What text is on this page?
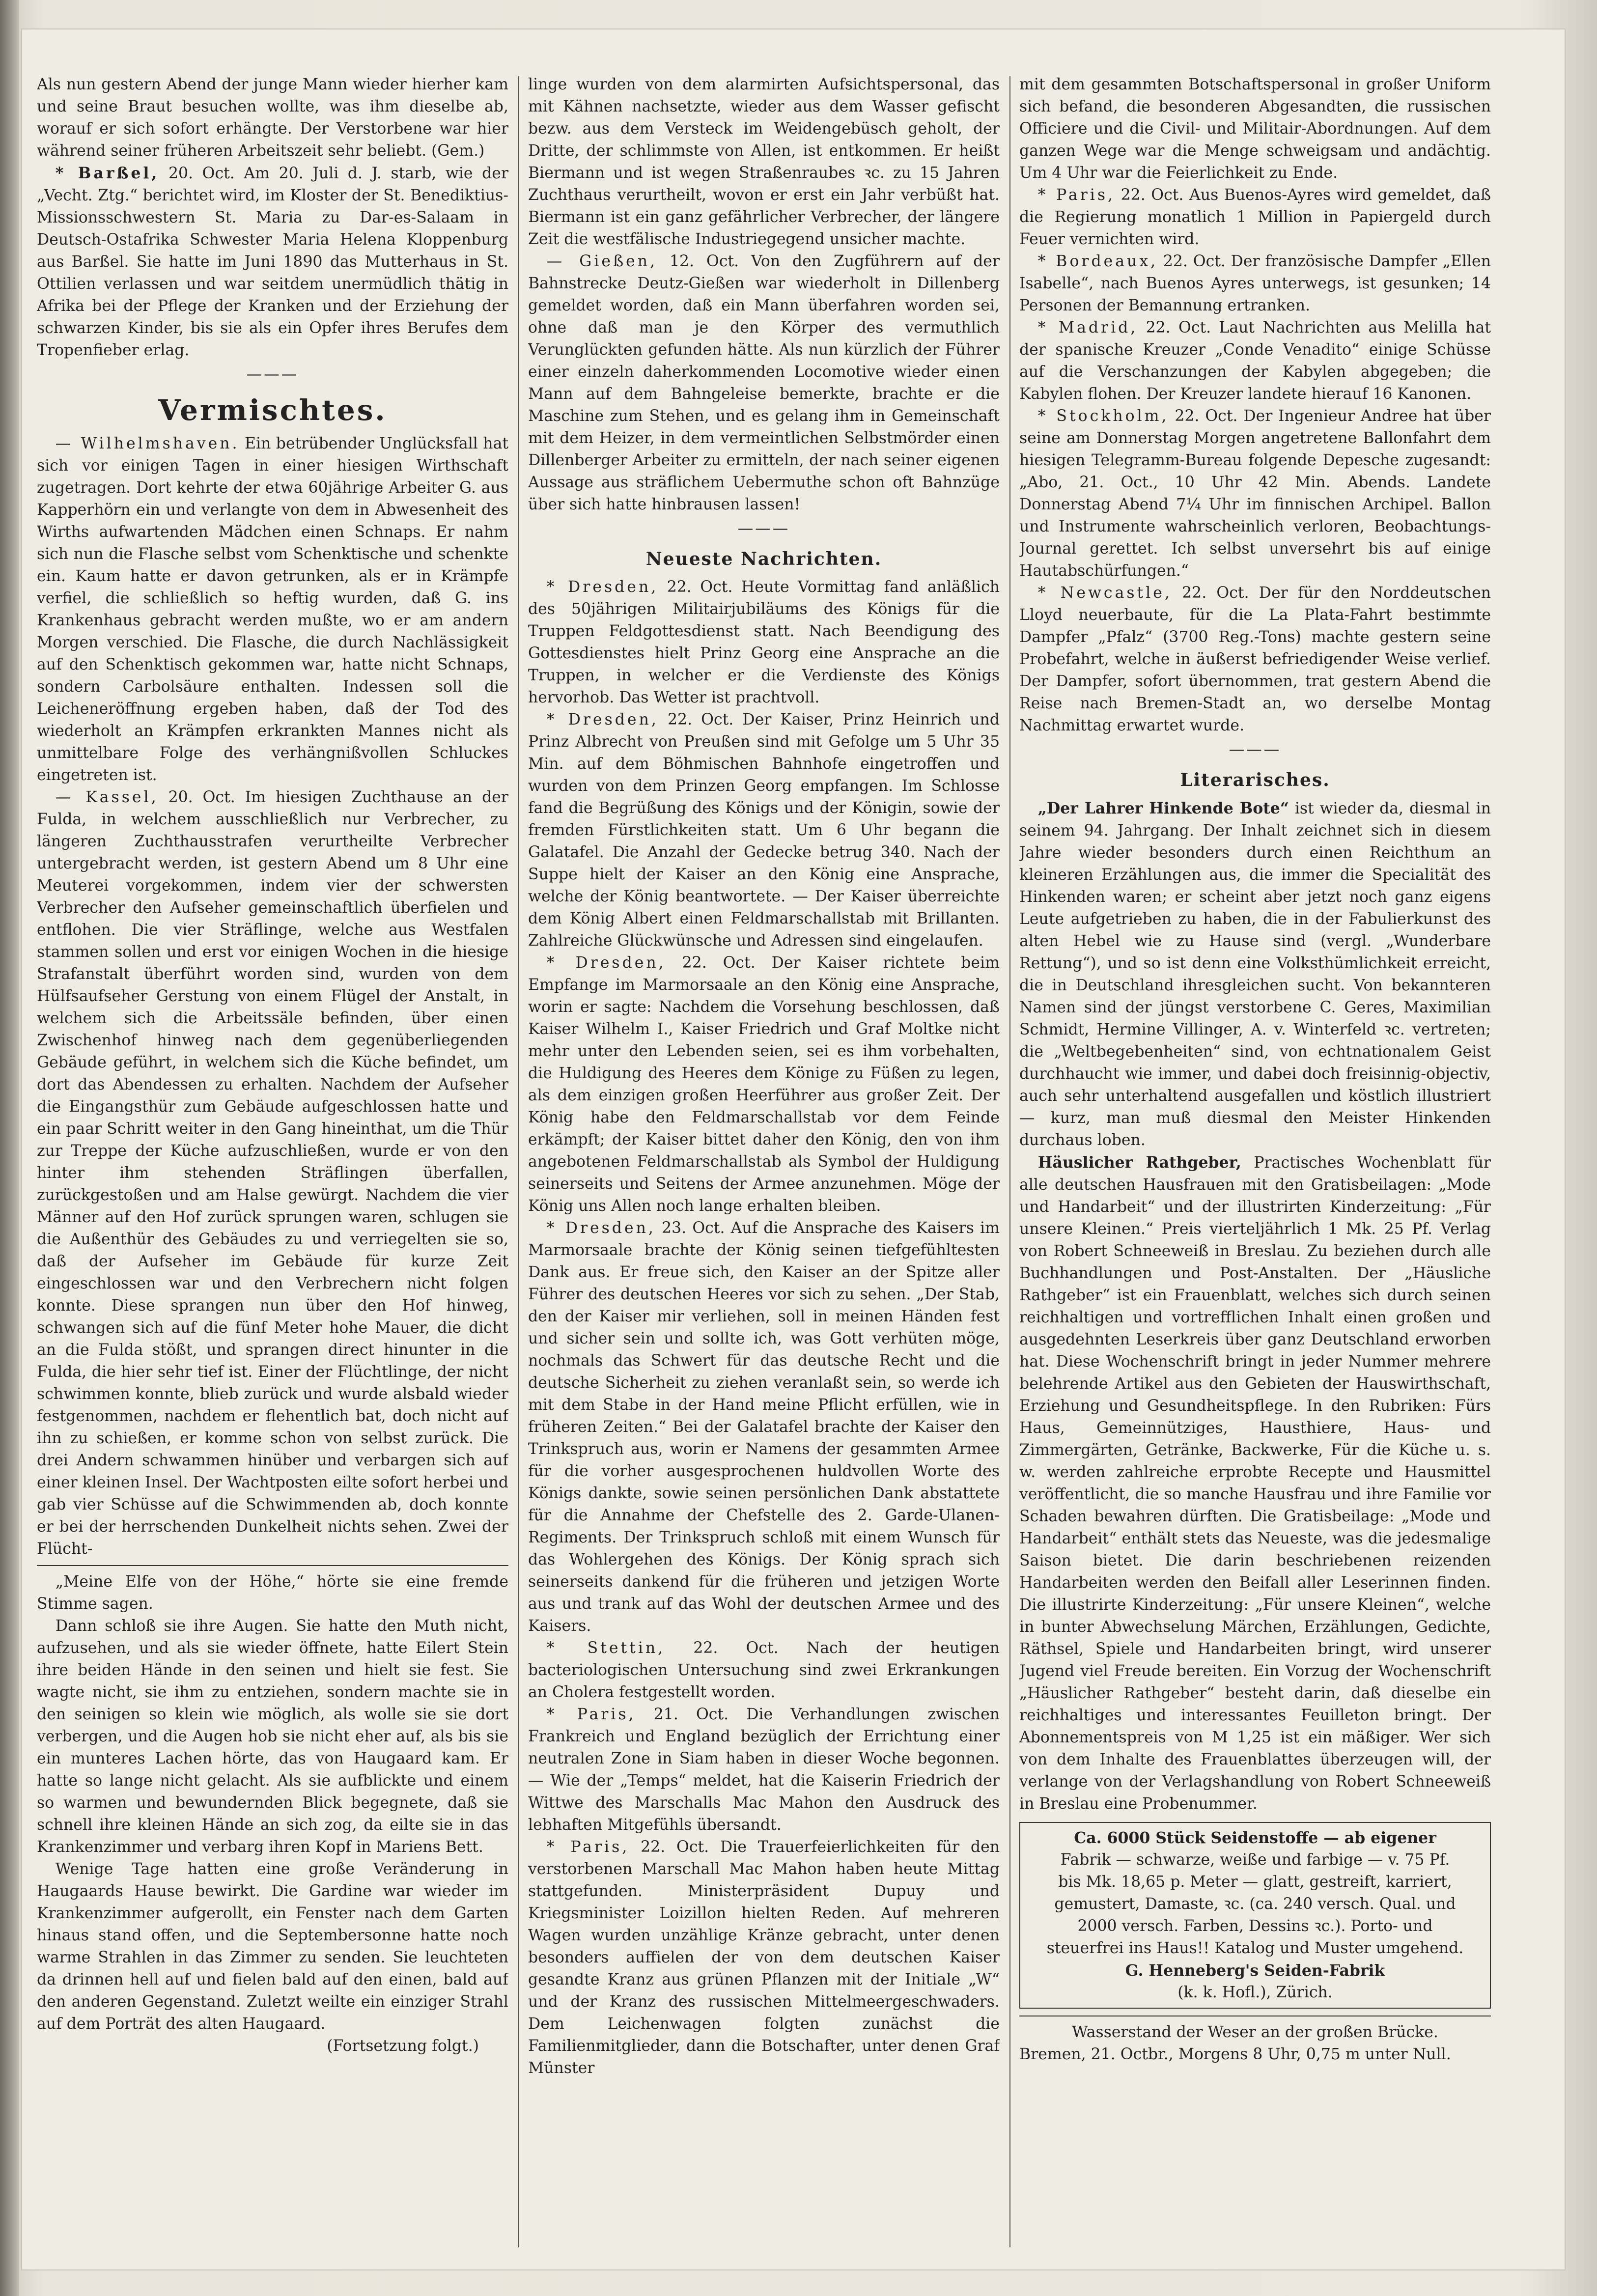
Als nun gestern Abend der junge Mann wieder hierher kam und seine Braut besuchen wollte, was ihm dieselbe ab, worauf er sich sofort erhängte. Der Verstorbene war hier während seiner früheren Arbeitszeit sehr beliebt. (Gem.)

* Barßel, 20. Oct. Am 20. Juli d. J. starb, wie der „Vecht. Ztg.“ berichtet wird, im Kloster der St. Benediktius-Missionsschwestern St. Maria zu Dar-es-Salaam in Deutsch-Ostafrika Schwester Maria Helena Kloppenburg aus Barßel. Sie hatte im Juni 1890 das Mutterhaus in St. Ottilien verlassen und war seitdem unermüdlich thätig in Afrika bei der Pflege der Kranken und der Erziehung der schwarzen Kinder, bis sie als ein Opfer ihres Berufes dem Tropenfieber erlag.

———

Vermischtes.

— Wilhelmshaven. Ein betrübender Unglücksfall hat sich vor einigen Tagen in einer hiesigen Wirthschaft zugetragen. Dort kehrte der etwa 60jährige Arbeiter G. aus Kapperhörn ein und verlangte von dem in Abwesenheit des Wirths aufwartenden Mädchen einen Schnaps. Er nahm sich nun die Flasche selbst vom Schenktische und schenkte ein. Kaum hatte er davon getrunken, als er in Krämpfe verfiel, die schließlich so heftig wurden, daß G. ins Krankenhaus gebracht werden mußte, wo er am andern Morgen verschied. Die Flasche, die durch Nachlässigkeit auf den Schenktisch gekommen war, hatte nicht Schnaps, sondern Carbolsäure enthalten. Indessen soll die Leicheneröffnung ergeben haben, daß der Tod des wiederholt an Krämpfen erkrankten Mannes nicht als unmittelbare Folge des verhängnißvollen Schluckes eingetreten ist.

— Kassel, 20. Oct. Im hiesigen Zuchthause an der Fulda, in welchem ausschließlich nur Verbrecher, zu längeren Zuchthausstrafen verurtheilte Verbrecher untergebracht werden, ist gestern Abend um 8 Uhr eine Meuterei vorgekommen, indem vier der schwersten Verbrecher den Aufseher gemeinschaftlich überfielen und entflohen. Die vier Sträflinge, welche aus Westfalen stammen sollen und erst vor einigen Wochen in die hiesige Strafanstalt überführt worden sind, wurden von dem Hülfsaufseher Gerstung von einem Flügel der Anstalt, in welchem sich die Arbeitssäle befinden, über einen Zwischenhof hinweg nach dem gegenüberliegenden Gebäude geführt, in welchem sich die Küche befindet, um dort das Abendessen zu erhalten. Nachdem der Aufseher die Eingangsthür zum Gebäude aufgeschlossen hatte und ein paar Schritt weiter in den Gang hineinthat, um die Thür zur Treppe der Küche aufzuschließen, wurde er von den hinter ihm stehenden Sträflingen überfallen, zurückgestoßen und am Halse gewürgt. Nachdem die vier Männer auf den Hof zurück sprungen waren, schlugen sie die Außenthür des Gebäudes zu und verriegelten sie so, daß der Aufseher im Gebäude für kurze Zeit eingeschlossen war und den Verbrechern nicht folgen konnte. Diese sprangen nun über den Hof hinweg, schwangen sich auf die fünf Meter hohe Mauer, die dicht an die Fulda stößt, und sprangen direct hinunter in die Fulda, die hier sehr tief ist. Einer der Flüchtlinge, der nicht schwimmen konnte, blieb zurück und wurde alsbald wieder festgenommen, nachdem er flehentlich bat, doch nicht auf ihn zu schießen, er komme schon von selbst zurück. Die drei Andern schwammen hinüber und verbargen sich auf einer kleinen Insel. Der Wachtposten eilte sofort herbei und gab vier Schüsse auf die Schwimmenden ab, doch konnte er bei der herrschenden Dunkelheit nichts sehen. Zwei der Flücht-

„Meine Elfe von der Höhe,“ hörte sie eine fremde Stimme sagen.

Dann schloß sie ihre Augen. Sie hatte den Muth nicht, aufzusehen, und als sie wieder öffnete, hatte Eilert Stein ihre beiden Hände in den seinen und hielt sie fest. Sie wagte nicht, sie ihm zu entziehen, sondern machte sie in den seinigen so klein wie möglich, als wolle sie sie dort verbergen, und die Augen hob sie nicht eher auf, als bis sie ein munteres Lachen hörte, das von Haugaard kam. Er hatte so lange nicht gelacht. Als sie aufblickte und einem so warmen und bewundernden Blick begegnete, daß sie schnell ihre kleinen Hände an sich zog, da eilte sie in das Krankenzimmer und verbarg ihren Kopf in Mariens Bett.

Wenige Tage hatten eine große Veränderung in Haugaards Hause bewirkt. Die Gardine war wieder im Krankenzimmer aufgerollt, ein Fenster nach dem Garten hinaus stand offen, und die Septembersonne hatte noch warme Strahlen in das Zimmer zu senden. Sie leuchteten da drinnen hell auf und fielen bald auf den einen, bald auf den anderen Gegenstand. Zuletzt weilte ein einziger Strahl auf dem Porträt des alten Haugaard.

(Fortsetzung folgt.)

linge wurden von dem alarmirten Aufsichtspersonal, das mit Kähnen nachsetzte, wieder aus dem Wasser gefischt bezw. aus dem Versteck im Weidengebüsch geholt, der Dritte, der schlimmste von Allen, ist entkommen. Er heißt Biermann und ist wegen Straßenraubes ꝛc. zu 15 Jahren Zuchthaus verurtheilt, wovon er erst ein Jahr verbüßt hat. Biermann ist ein ganz gefährlicher Verbrecher, der längere Zeit die westfälische Industriegegend unsicher machte.

— Gießen, 12. Oct. Von den Zugführern auf der Bahnstrecke Deutz-Gießen war wiederholt in Dillenberg gemeldet worden, daß ein Mann überfahren worden sei, ohne daß man je den Körper des vermuthlich Verunglückten gefunden hätte. Als nun kürzlich der Führer einer einzeln daherkommenden Locomotive wieder einen Mann auf dem Bahngeleise bemerkte, brachte er die Maschine zum Stehen, und es gelang ihm in Gemeinschaft mit dem Heizer, in dem vermeintlichen Selbstmörder einen Dillenberger Arbeiter zu ermitteln, der nach seiner eigenen Aussage aus sträflichem Uebermuthe schon oft Bahnzüge über sich hatte hinbrausen lassen!

———

Neueste Nachrichten.

* Dresden, 22. Oct. Heute Vormittag fand anläßlich des 50jährigen Militairjubiläums des Königs für die Truppen Feldgottesdienst statt. Nach Beendigung des Gottesdienstes hielt Prinz Georg eine Ansprache an die Truppen, in welcher er die Verdienste des Königs hervorhob. Das Wetter ist prachtvoll.

* Dresden, 22. Oct. Der Kaiser, Prinz Heinrich und Prinz Albrecht von Preußen sind mit Gefolge um 5 Uhr 35 Min. auf dem Böhmischen Bahnhofe eingetroffen und wurden von dem Prinzen Georg empfangen. Im Schlosse fand die Begrüßung des Königs und der Königin, sowie der fremden Fürstlichkeiten statt. Um 6 Uhr begann die Galatafel. Die Anzahl der Gedecke betrug 340. Nach der Suppe hielt der Kaiser an den König eine Ansprache, welche der König beantwortete. — Der Kaiser überreichte dem König Albert einen Feldmarschallstab mit Brillanten. Zahlreiche Glückwünsche und Adressen sind eingelaufen.

* Dresden, 22. Oct. Der Kaiser richtete beim Empfange im Marmorsaale an den König eine Ansprache, worin er sagte: Nachdem die Vorsehung beschlossen, daß Kaiser Wilhelm I., Kaiser Friedrich und Graf Moltke nicht mehr unter den Lebenden seien, sei es ihm vorbehalten, die Huldigung des Heeres dem Könige zu Füßen zu legen, als dem einzigen großen Heerführer aus großer Zeit. Der König habe den Feldmarschallstab vor dem Feinde erkämpft; der Kaiser bittet daher den König, den von ihm angebotenen Feldmarschallstab als Symbol der Huldigung seinerseits und Seitens der Armee anzunehmen. Möge der König uns Allen noch lange erhalten bleiben.

* Dresden, 23. Oct. Auf die Ansprache des Kaisers im Marmorsaale brachte der König seinen tiefgefühltesten Dank aus. Er freue sich, den Kaiser an der Spitze aller Führer des deutschen Heeres vor sich zu sehen. „Der Stab, den der Kaiser mir verliehen, soll in meinen Händen fest und sicher sein und sollte ich, was Gott verhüten möge, nochmals das Schwert für das deutsche Recht und die deutsche Sicherheit zu ziehen veranlaßt sein, so werde ich mit dem Stabe in der Hand meine Pflicht erfüllen, wie in früheren Zeiten.“ Bei der Galatafel brachte der Kaiser den Trinkspruch aus, worin er Namens der gesammten Armee für die vorher ausgesprochenen huldvollen Worte des Königs dankte, sowie seinen persönlichen Dank abstattete für die Annahme der Chefstelle des 2. Garde-Ulanen-Regiments. Der Trinkspruch schloß mit einem Wunsch für das Wohlergehen des Königs. Der König sprach sich seinerseits dankend für die früheren und jetzigen Worte aus und trank auf das Wohl der deutschen Armee und des Kaisers.

* Stettin, 22. Oct. Nach der heutigen bacteriologischen Untersuchung sind zwei Erkrankungen an Cholera festgestellt worden.

* Paris, 21. Oct. Die Verhandlungen zwischen Frankreich und England bezüglich der Errichtung einer neutralen Zone in Siam haben in dieser Woche begonnen. — Wie der „Temps“ meldet, hat die Kaiserin Friedrich der Wittwe des Marschalls Mac Mahon den Ausdruck des lebhaften Mitgefühls übersandt.

* Paris, 22. Oct. Die Trauerfeierlichkeiten für den verstorbenen Marschall Mac Mahon haben heute Mittag stattgefunden. Ministerpräsident Dupuy und Kriegsminister Loizillon hielten Reden. Auf mehreren Wagen wurden unzählige Kränze gebracht, unter denen besonders auffielen der von dem deutschen Kaiser gesandte Kranz aus grünen Pflanzen mit der Initiale „W“ und der Kranz des russischen Mittelmeergeschwaders. Dem Leichenwagen folgten zunächst die Familienmitglieder, dann die Botschafter, unter denen Graf Münster

mit dem gesammten Botschaftspersonal in großer Uniform sich befand, die besonderen Abgesandten, die russischen Officiere und die Civil- und Militair-Abordnungen. Auf dem ganzen Wege war die Menge schweigsam und andächtig. Um 4 Uhr war die Feierlichkeit zu Ende.

* Paris, 22. Oct. Aus Buenos-Ayres wird gemeldet, daß die Regierung monatlich 1 Million in Papiergeld durch Feuer vernichten wird.

* Bordeaux, 22. Oct. Der französische Dampfer „Ellen Isabelle“, nach Buenos Ayres unterwegs, ist gesunken; 14 Personen der Bemannung ertranken.

* Madrid, 22. Oct. Laut Nachrichten aus Melilla hat der spanische Kreuzer „Conde Venadito“ einige Schüsse auf die Verschanzungen der Kabylen abgegeben; die Kabylen flohen. Der Kreuzer landete hierauf 16 Kanonen.

* Stockholm, 22. Oct. Der Ingenieur Andree hat über seine am Donnerstag Morgen angetretene Ballonfahrt dem hiesigen Telegramm-Bureau folgende Depesche zugesandt: „Abo, 21. Oct., 10 Uhr 42 Min. Abends. Landete Donnerstag Abend 7¼ Uhr im finnischen Archipel. Ballon und Instrumente wahrscheinlich verloren, Beobachtungs-Journal gerettet. Ich selbst unversehrt bis auf einige Hautabschürfungen.“

* Newcastle, 22. Oct. Der für den Norddeutschen Lloyd neuerbaute, für die La Plata-Fahrt bestimmte Dampfer „Pfalz“ (3700 Reg.-Tons) machte gestern seine Probefahrt, welche in äußerst befriedigender Weise verlief. Der Dampfer, sofort übernommen, trat gestern Abend die Reise nach Bremen-Stadt an, wo derselbe Montag Nachmittag erwartet wurde.

———

Literarisches.

„Der Lahrer Hinkende Bote“ ist wieder da, diesmal in seinem 94. Jahrgang. Der Inhalt zeichnet sich in diesem Jahre wieder besonders durch einen Reichthum an kleineren Erzählungen aus, die immer die Specialität des Hinkenden waren; er scheint aber jetzt noch ganz eigens Leute aufgetrieben zu haben, die in der Fabulierkunst des alten Hebel wie zu Hause sind (vergl. „Wunderbare Rettung“), und so ist denn eine Volksthümlichkeit erreicht, die in Deutschland ihresgleichen sucht. Von bekannteren Namen sind der jüngst verstorbene C. Geres, Maximilian Schmidt, Hermine Villinger, A. v. Winterfeld ꝛc. vertreten; die „Weltbegebenheiten“ sind, von echtnationalem Geist durchhaucht wie immer, und dabei doch freisinnig-objectiv, auch sehr unterhaltend ausgefallen und köstlich illustriert — kurz, man muß diesmal den Meister Hinkenden durchaus loben.

Häuslicher Rathgeber, Practisches Wochenblatt für alle deutschen Hausfrauen mit den Gratisbeilagen: „Mode und Handarbeit“ und der illustrirten Kinderzeitung: „Für unsere Kleinen.“ Preis vierteljährlich 1 Mk. 25 Pf. Verlag von Robert Schneeweiß in Breslau. Zu beziehen durch alle Buchhandlungen und Post-Anstalten. Der „Häusliche Rathgeber“ ist ein Frauenblatt, welches sich durch seinen reichhaltigen und vortrefflichen Inhalt einen großen und ausgedehnten Leserkreis über ganz Deutschland erworben hat. Diese Wochenschrift bringt in jeder Nummer mehrere belehrende Artikel aus den Gebieten der Hauswirthschaft, Erziehung und Gesundheitspflege. In den Rubriken: Fürs Haus, Gemeinnütziges, Hausthiere, Haus- und Zimmergärten, Getränke, Backwerke, Für die Küche u. s. w. werden zahlreiche erprobte Recepte und Hausmittel veröffentlicht, die so manche Hausfrau und ihre Familie vor Schaden bewahren dürften. Die Gratisbeilage: „Mode und Handarbeit“ enthält stets das Neueste, was die jedesmalige Saison bietet. Die darin beschriebenen reizenden Handarbeiten werden den Beifall aller Leserinnen finden. Die illustrirte Kinderzeitung: „Für unsere Kleinen“, welche in bunter Abwechselung Märchen, Erzählungen, Gedichte, Räthsel, Spiele und Handarbeiten bringt, wird unserer Jugend viel Freude bereiten. Ein Vorzug der Wochenschrift „Häuslicher Rathgeber“ besteht darin, daß dieselbe ein reichhaltiges und interessantes Feuilleton bringt. Der Abonnementspreis von M 1,25 ist ein mäßiger. Wer sich von dem Inhalte des Frauenblattes überzeugen will, der verlange von der Verlagshandlung von Robert Schneeweiß in Breslau eine Probenummer.

Ca. 6000 Stück Seidenstoffe — ab eigener
Fabrik — schwarze, weiße und farbige — v. 75 Pf.
bis Mk. 18,65 p. Meter — glatt, gestreift, karriert,
gemustert, Damaste, ꝛc. (ca. 240 versch. Qual. und
2000 versch. Farben, Dessins ꝛc.). Porto- und
steuerfrei ins Haus!! Katalog und Muster umgehend.
G. Henneberg's Seiden-Fabrik
(k. k. Hofl.), Zürich.

Wasserstand der Weser an der großen Brücke.

Bremen, 21. Octbr., Morgens 8 Uhr, 0,75 m unter Null.
